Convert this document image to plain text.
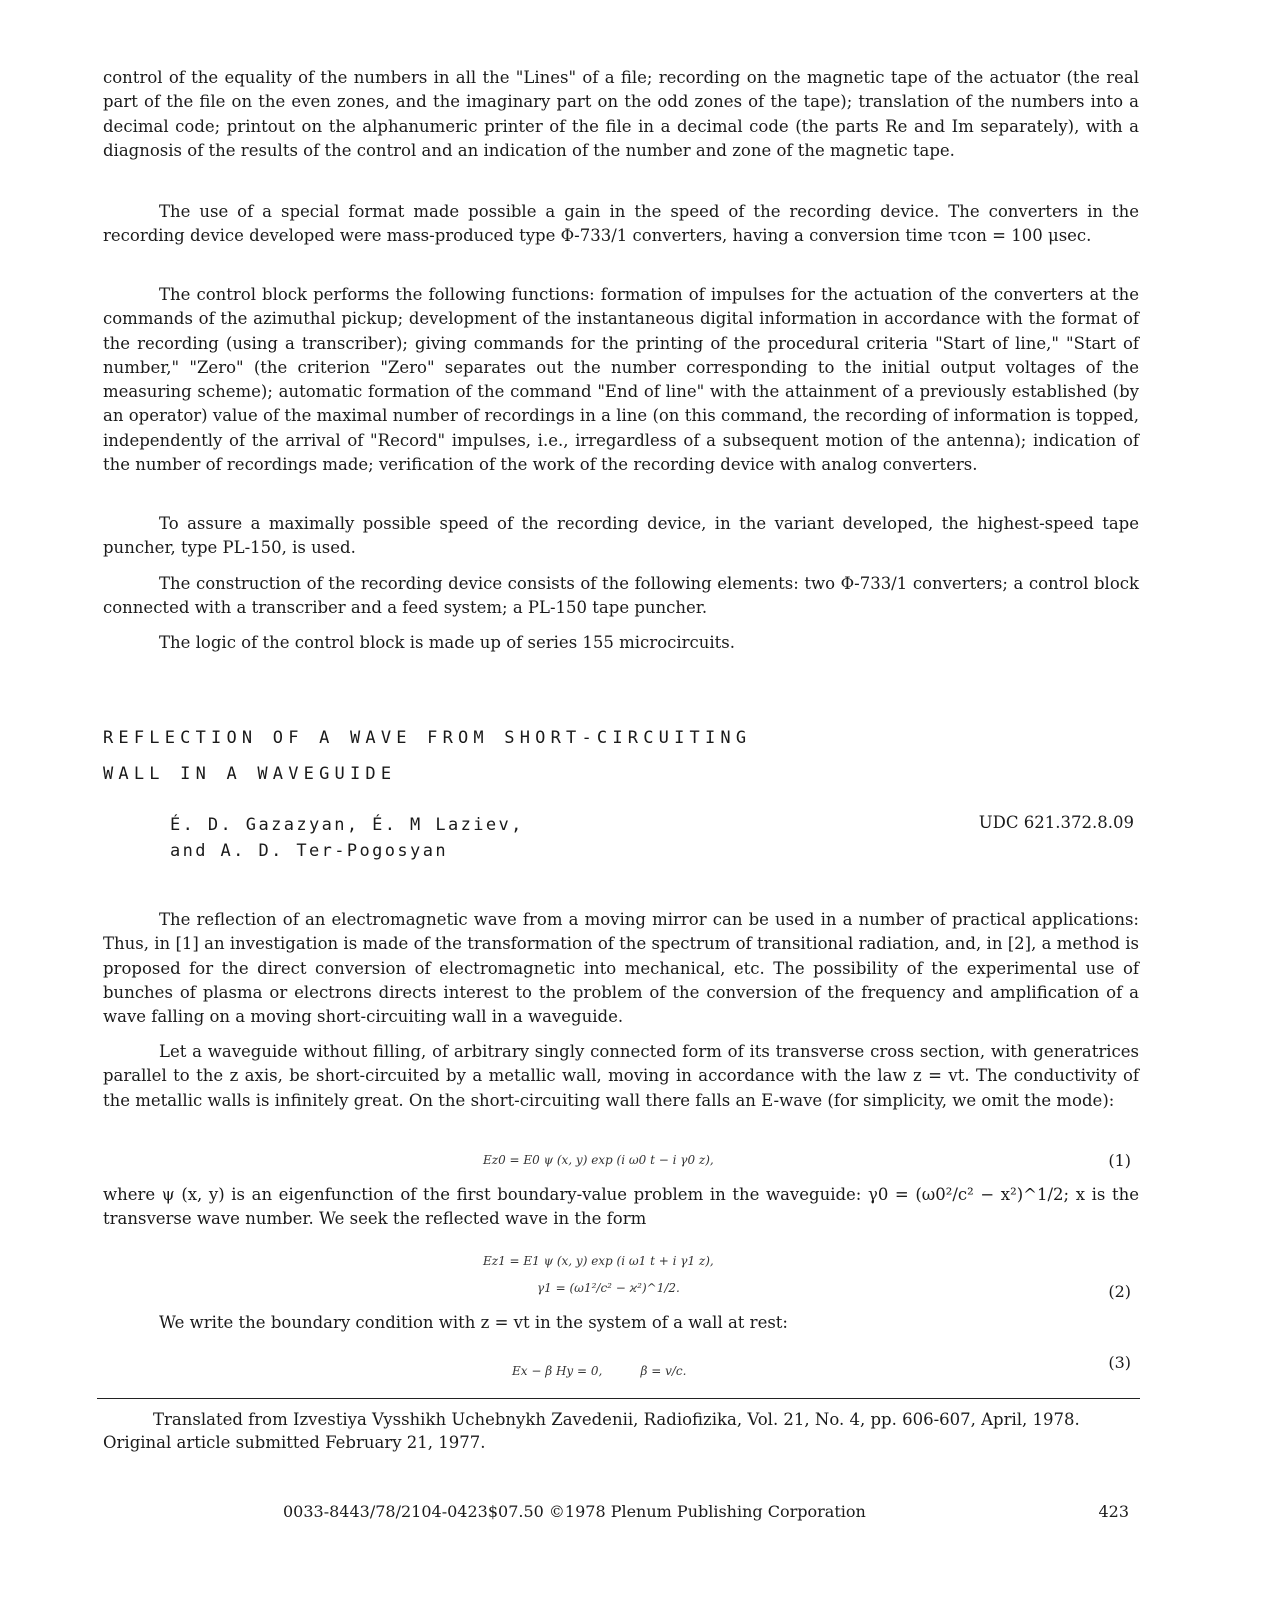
control of the equality of the numbers in all the "Lines" of a file; recording on the magnetic tape of the actuator (the real part of the file on the even zones, and the imaginary part on the odd zones of the tape); translation of the numbers into a decimal code; printout on the alphanumeric printer of the file in a decimal code (the parts Re and Im separately), with a diagnosis of the results of the control and an indication of the number and zone of the magnetic tape.

The use of a special format made possible a gain in the speed of the recording device. The converters in the recording device developed were mass-produced type Φ-733/1 converters, having a conversion time τcon = 100 μsec.

The control block performs the following functions: formation of impulses for the actuation of the converters at the commands of the azimuthal pickup; development of the instantaneous digital information in accordance with the format of the recording (using a transcriber); giving commands for the printing of the procedural criteria "Start of line," "Start of number," "Zero" (the criterion "Zero" separates out the number corresponding to the initial output voltages of the measuring scheme); automatic formation of the command "End of line" with the attainment of a previously established (by an operator) value of the maximal number of recordings in a line (on this command, the recording of information is topped, independently of the arrival of "Record" impulses, i.e., irregardless of a subsequent motion of the antenna); indication of the number of recordings made; verification of the work of the recording device with analog converters.

To assure a maximally possible speed of the recording device, in the variant developed, the highest-speed tape puncher, type PL-150, is used.

The construction of the recording device consists of the following elements: two Φ-733/1 converters; a control block connected with a transcriber and a feed system; a PL-150 tape puncher.

The logic of the control block is made up of series 155 microcircuits.

REFLECTION OF A WAVE FROM SHORT-CIRCUITING
WALL IN A WAVEGUIDE
É. D. Gazazyan, É. M Laziev,
and A. D. Ter-Pogosyan
UDC 621.372.8.09

The reflection of an electromagnetic wave from a moving mirror can be used in a number of practical applications: Thus, in [1] an investigation is made of the transformation of the spectrum of transitional radiation, and, in [2], a method is proposed for the direct conversion of electromagnetic into mechanical, etc. The possibility of the experimental use of bunches of plasma or electrons directs interest to the problem of the conversion of the frequency and amplification of a wave falling on a moving short-circuiting wall in a waveguide.

Let a waveguide without filling, of arbitrary singly connected form of its transverse cross section, with generatrices parallel to the z axis, be short-circuited by a metallic wall, moving in accordance with the law z = vt. The conductivity of the metallic walls is infinitely great. On the short-circuiting wall there falls an E-wave (for simplicity, we omit the mode):

Ez0 = E0 ψ (x, y) exp (i ω0 t − i γ0 z),	(1)

where ψ (x, y) is an eigenfunction of the first boundary-value problem in the waveguide: γ0 = (ω0²/c² − x²)^1/2; x is the transverse wave number. We seek the reflected wave in the form

Ez1 = E1 ψ (x, y) exp (i ω1 t + i γ1 z),
γ1 = (ω1²/c² − ϰ²)^1/2.	(2)

We write the boundary condition with z = vt in the system of a wall at rest:

Ex − β Hy = 0,          β = v/c.	(3)

Translated from Izvestiya Vysshikh Uchebnykh Zavedenii, Radiofizika, Vol. 21, No. 4, pp. 606-607, April, 1978. Original article submitted February 21, 1977.

0033-8443/78/2104-0423$07.50 ©1978 Plenum Publishing Corporation	423
